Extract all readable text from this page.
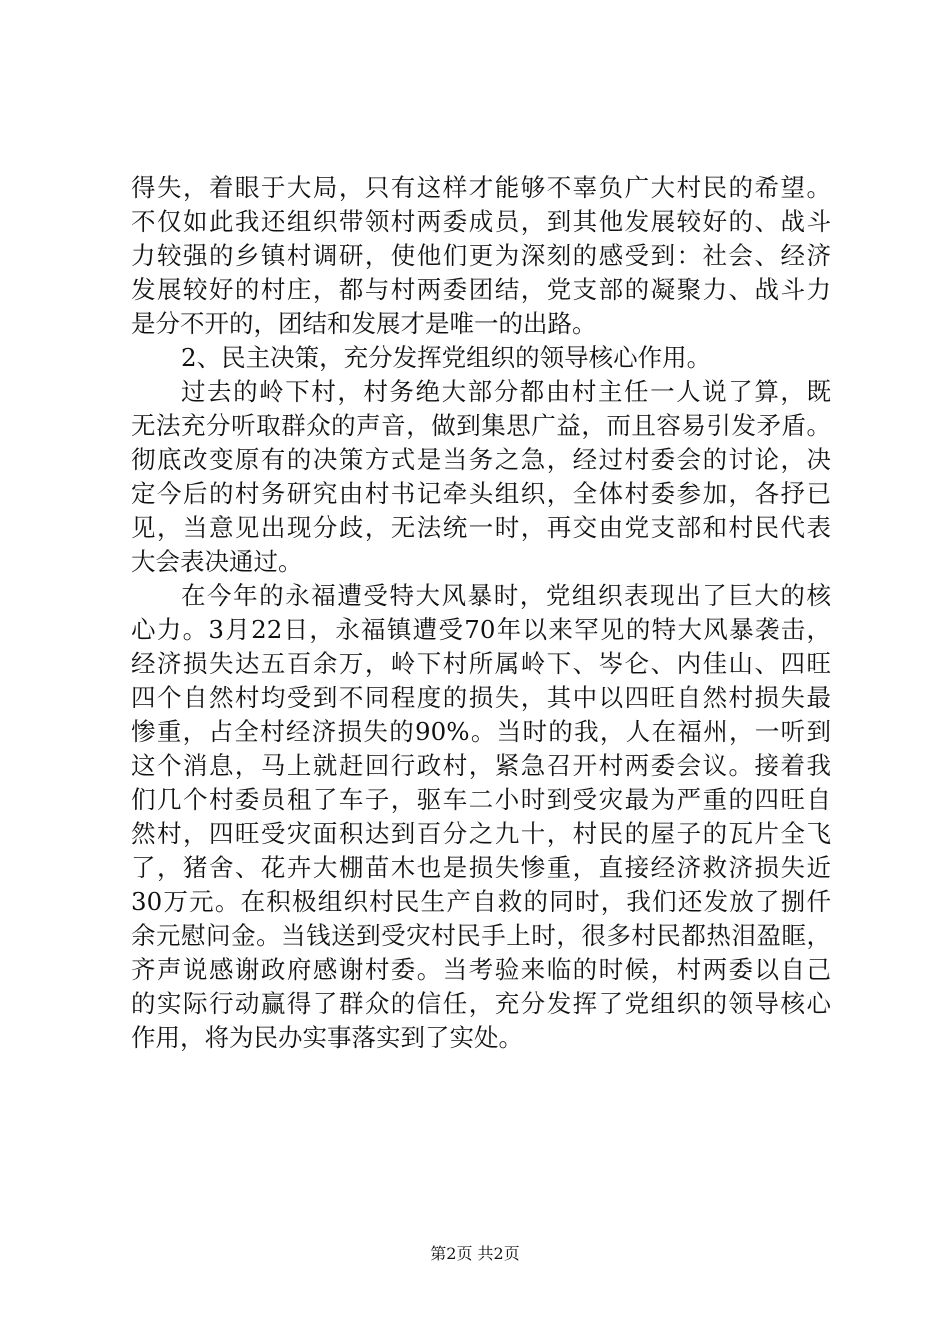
得失，着眼于大局，只有这样才能够不辜负广大村民的希望。
不仅如此我还组织带领村两委成员，到其他发展较好的、战斗
力较强的乡镇村调研，使他们更为深刻的感受到：社会、经济
发展较好的村庄，都与村两委团结，党支部的凝聚力、战斗力
是分不开的，团结和发展才是唯一的出路。
2、民主决策，充分发挥党组织的领导核心作用。
过去的岭下村，村务绝大部分都由村主任一人说了算，既
无法充分听取群众的声音，做到集思广益，而且容易引发矛盾。
彻底改变原有的决策方式是当务之急，经过村委会的讨论，决
定今后的村务研究由村书记牵头组织，全体村委参加，各抒已
见，当意见出现分歧，无法统一时，再交由党支部和村民代表
大会表决通过。
在今年的永福遭受特大风暴时，党组织表现出了巨大的核
心力。3月22日，永福镇遭受70年以来罕见的特大风暴袭击，
经济损失达五百余万，岭下村所属岭下、岑仑、内佳山、四旺
四个自然村均受到不同程度的损失，其中以四旺自然村损失最
惨重，占全村经济损失的90%。当时的我，人在福州，一听到
这个消息，马上就赶回行政村，紧急召开村两委会议。接着我
们几个村委员租了车子，驱车二小时到受灾最为严重的四旺自
然村，四旺受灾面积达到百分之九十，村民的屋子的瓦片全飞
了，猪舍、花卉大棚苗木也是损失惨重，直接经济救济损失近
30万元。在积极组织村民生产自救的同时，我们还发放了捌仟
余元慰问金。当钱送到受灾村民手上时，很多村民都热泪盈眶，
齐声说感谢政府感谢村委。当考验来临的时候，村两委以自己
的实际行动赢得了群众的信任，充分发挥了党组织的领导核心
作用，将为民办实事落实到了实处。
第2页 共2页
